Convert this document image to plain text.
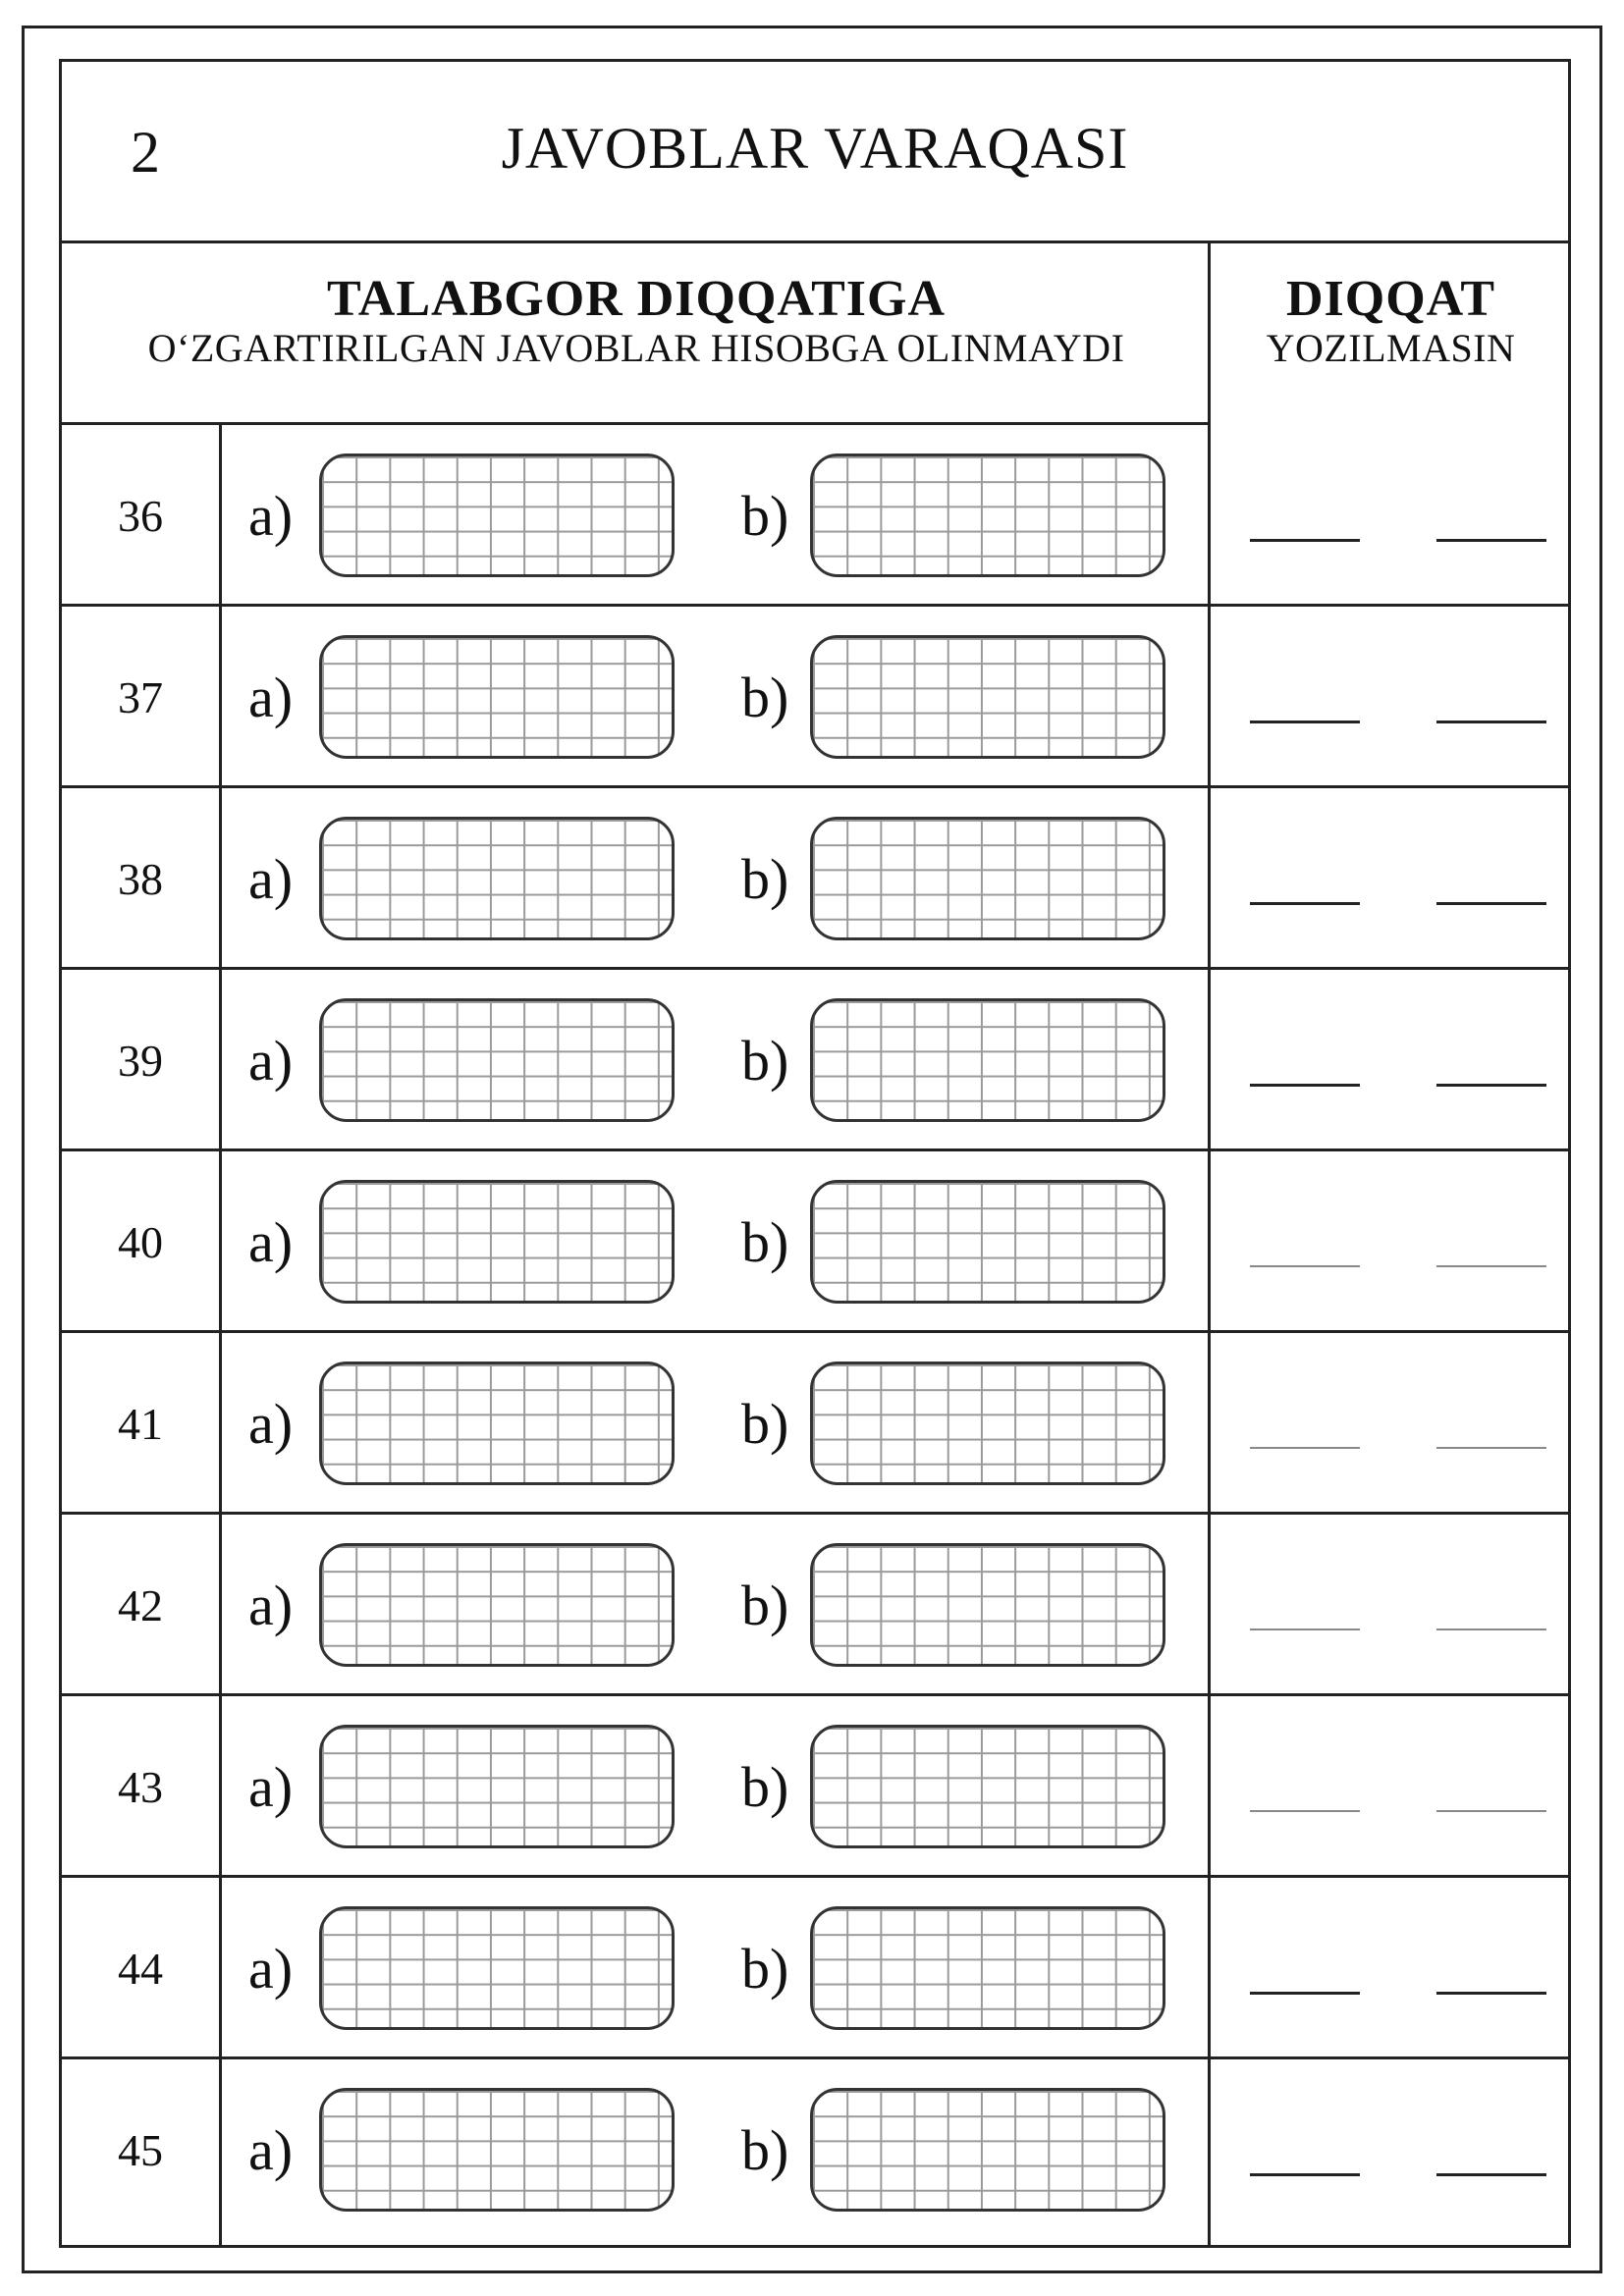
2	JAVOBLAR VARAQASI
TALABGOR DIQQATIGA
O‘ZGARTIRILGAN JAVOBLAR HISOBGA OLINMAYDI
DIQQAT
YOZILMASIN
36	a)	b)
37	a)	b)
38	a)	b)
39	a)	b)
40	a)	b)
41	a)	b)
42	a)	b)
43	a)	b)
44	a)	b)
45	a)	b)
